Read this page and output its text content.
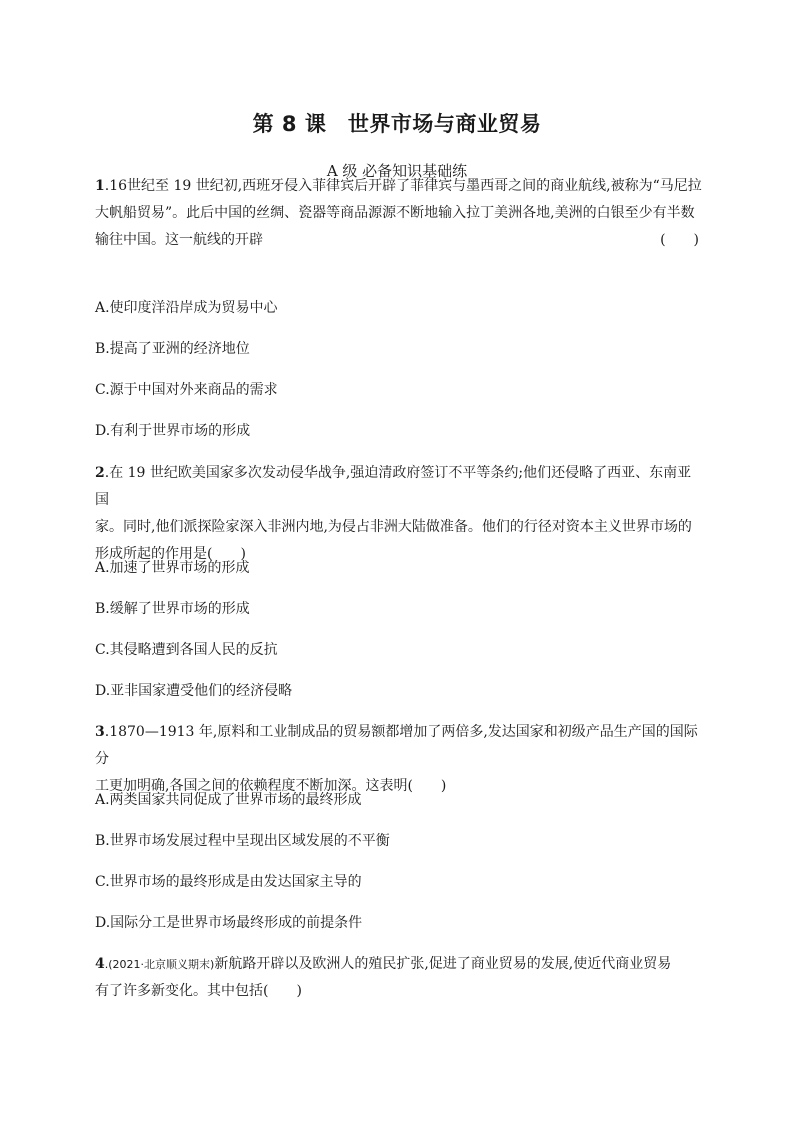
第 8 课　世界市场与商业贸易
A 级 必备知识基础练
1.16世纪至 19 世纪初,西班牙侵入菲律宾后开辟了菲律宾与墨西哥之间的商业航线,被称为“马尼拉
大帆船贸易”。此后中国的丝绸、瓷器等商品源源不断地输入拉丁美洲各地,美洲的白银至少有半数
输往中国。这一航线的开辟	(　　)
A.使印度洋沿岸成为贸易中心
B.提高了亚洲的经济地位
C.源于中国对外来商品的需求
D.有利于世界市场的形成
2.在 19 世纪欧美国家多次发动侵华战争,强迫清政府签订不平等条约;他们还侵略了西亚、东南亚国
家。同时,他们派探险家深入非洲内地,为侵占非洲大陆做准备。他们的行径对资本主义世界市场的
形成所起的作用是(　　)
A.加速了世界市场的形成
B.缓解了世界市场的形成
C.其侵略遭到各国人民的反抗
D.亚非国家遭受他们的经济侵略
3.1870—1913 年,原料和工业制成品的贸易额都增加了两倍多,发达国家和初级产品生产国的国际分
工更加明确,各国之间的依赖程度不断加深。这表明(　　)
A.两类国家共同促成了世界市场的最终形成
B.世界市场发展过程中呈现出区域发展的不平衡
C.世界市场的最终形成是由发达国家主导的
D.国际分工是世界市场最终形成的前提条件
4.(2021·北京顺义期末)新航路开辟以及欧洲人的殖民扩张,促进了商业贸易的发展,使近代商业贸易
有了许多新变化。其中包括(　　)
